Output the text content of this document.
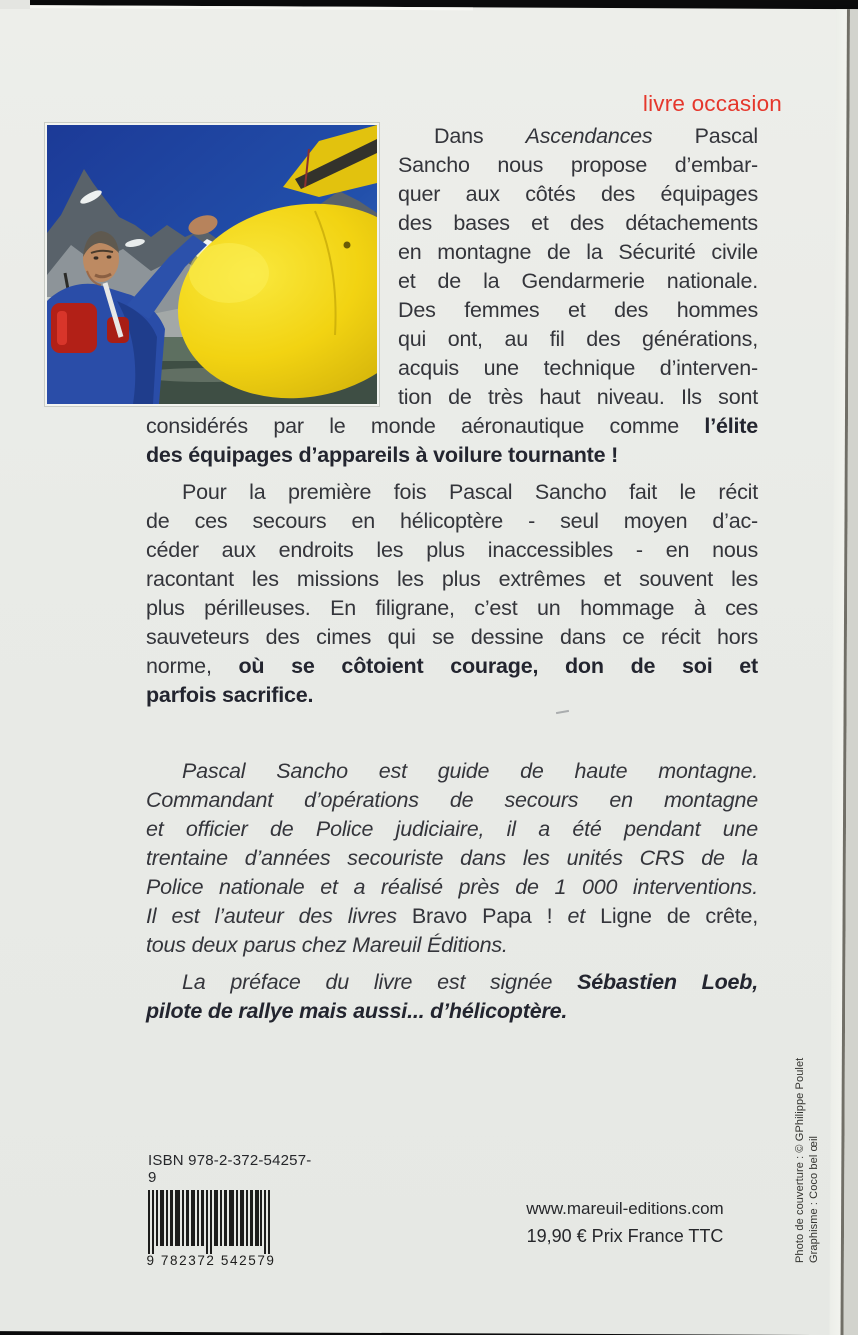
livre occasion
Dans Ascendances Pascal
Sancho nous propose d’embar-
quer aux côtés des équipages
des bases et des détachements
en montagne de la Sécurité civile
et de la Gendarmerie nationale.
Des femmes et des hommes
qui ont, au fil des générations,
acquis une technique d’interven-
tion de très haut niveau. Ils sont
considérés par le monde aéronautique comme l’élite
des équipages d’appareils à voilure tournante !
Pour la première fois Pascal Sancho fait le récit
de ces secours en hélicoptère - seul moyen d’ac-
céder aux endroits les plus inaccessibles - en nous
racontant les missions les plus extrêmes et souvent les
plus périlleuses. En filigrane, c’est un hommage à ces
sauveteurs des cimes qui se dessine dans ce récit hors
norme, où se côtoient courage, don de soi et
parfois sacrifice.
Pascal Sancho est guide de haute montagne.
Commandant d’opérations de secours en montagne
et officier de Police judiciaire, il a été pendant une
trentaine d’années secouriste dans les unités CRS de la
Police nationale et a réalisé près de 1 000 interventions.
Il est l’auteur des livres Bravo Papa ! et Ligne de crête,
tous deux parus chez Mareuil Éditions.
La préface du livre est signée Sébastien Loeb,
pilote de rallye mais aussi... d’hélicoptère.
ISBN 978-2-372-54257-9
9 782372 542579
www.mareuil-editions.com
19,90 € Prix France TTC	Photo de couverture : © GPhilippe Poulet Graphisme : Coco bel œil
